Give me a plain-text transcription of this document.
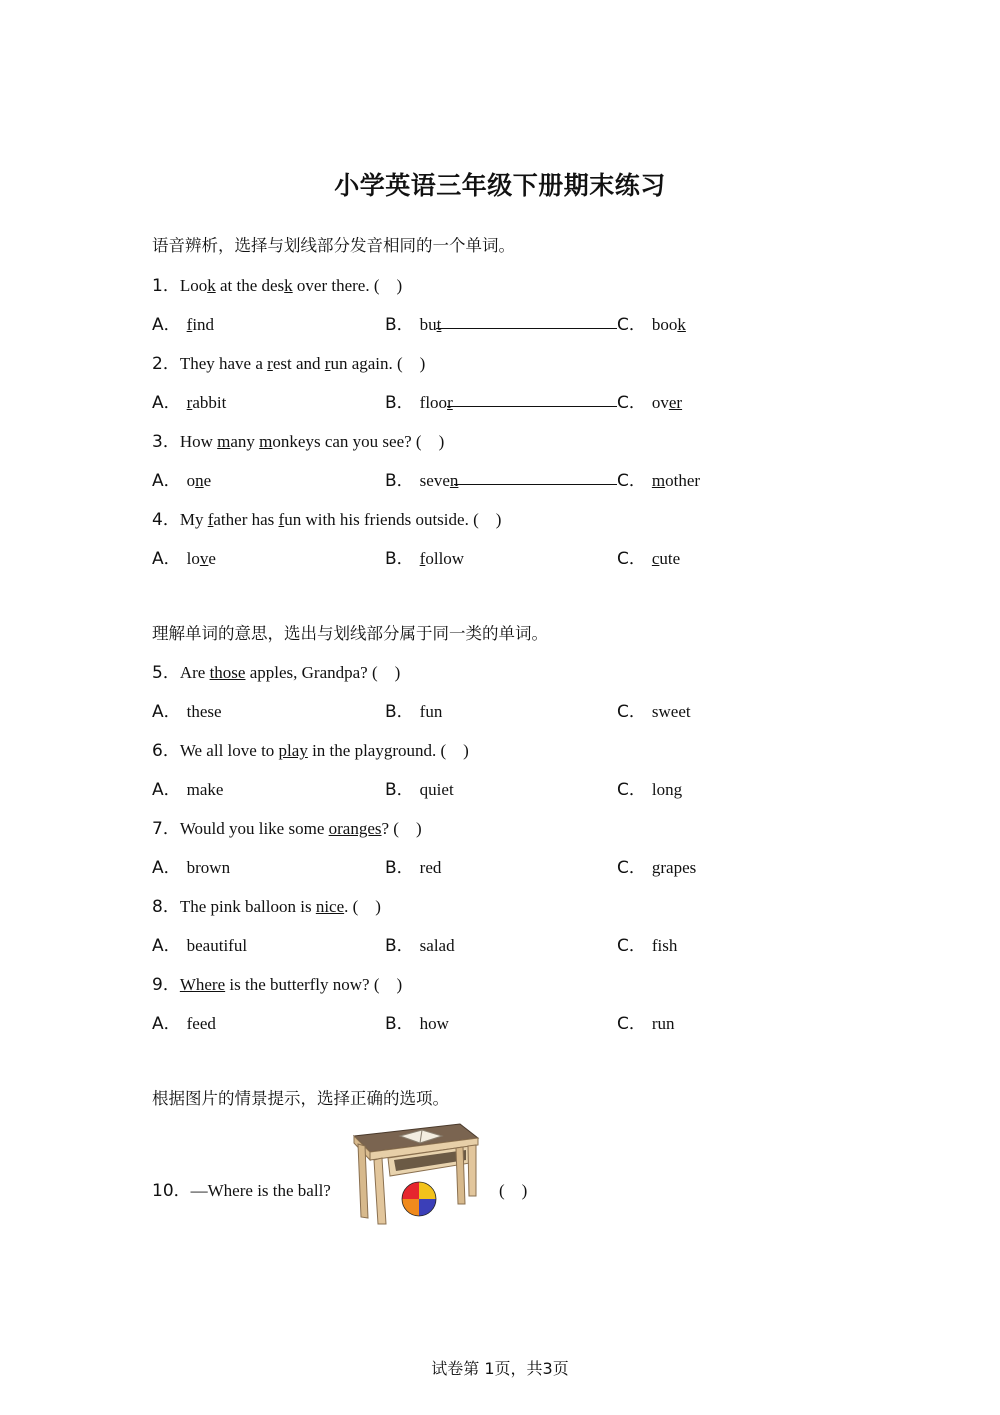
小学英语三年级下册期末练习
语音辨析，选择与划线部分发音相同的一个单词。
1．Look at the desk over there. (　)
A． find	B． but	C． book
2．They have a rest and run again. (　)
A． rabbit	B． floor	C． over
3．How many monkeys can you see? (　)
A． one	B． seven	C． mother
4．My father has fun with his friends outside. (　)
A． love	B． follow	C． cute
理解单词的意思，选出与划线部分属于同一类的单词。
5．Are those apples, Grandpa? (　)
A． these	B． fun	C． sweet
6．We all love to play in the playground. (　)
A． make	B． quiet	C． long
7．Would you like some oranges? (　)
A． brown	B． red	C． grapes
8．The pink balloon is nice. (　)
A． beautiful	B． salad	C． fish
9．Where is the butterfly now? (　)
A． feed	B． how	C． run
根据图片的情景提示，选择正确的选项。
10．—Where is the ball?	(　)
试卷第 1页，共3页
